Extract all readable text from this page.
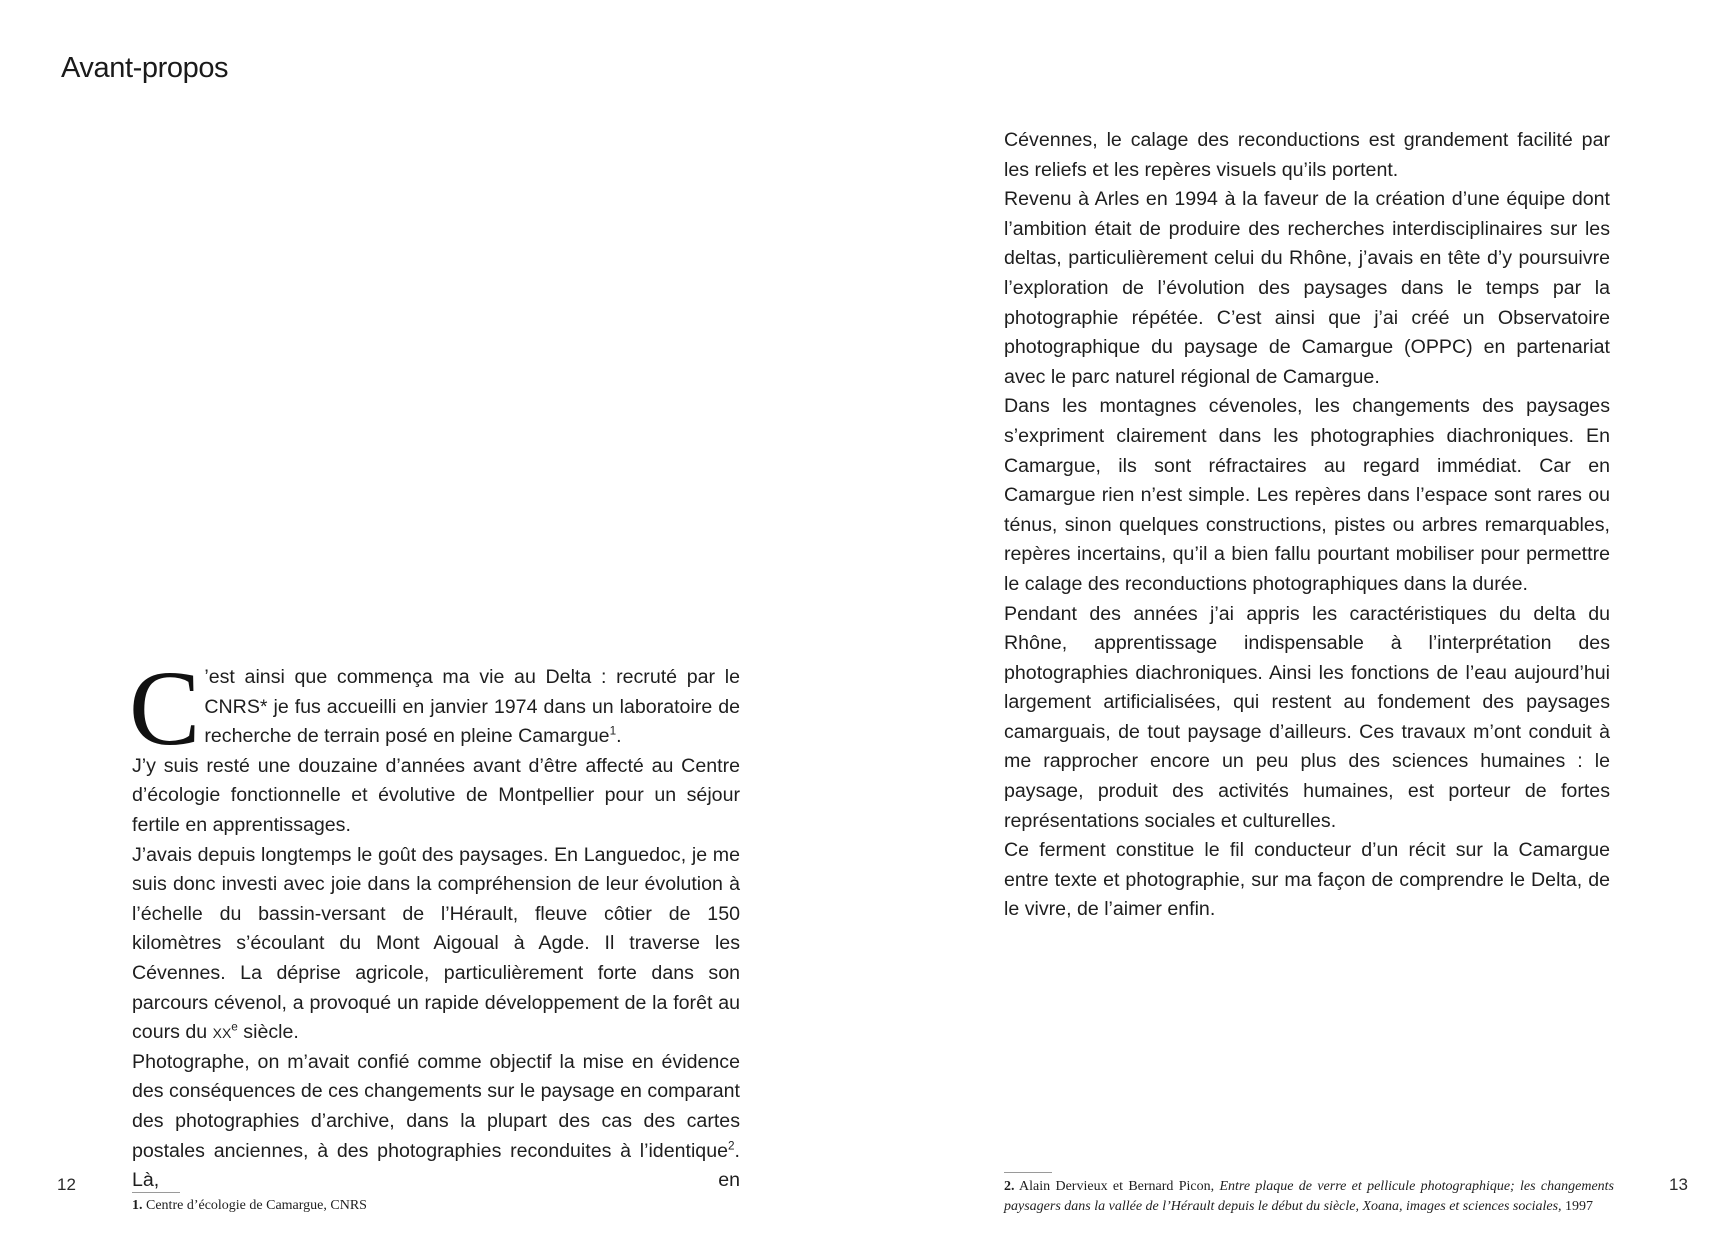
Avant-propos

C ’est ainsi que commença ma vie au Delta : recruté par le CNRS* je fus accueilli en janvier 1974 dans un laboratoire de recherche de terrain posé en pleine Camargue$^1$.

J’y suis resté une douzaine d’années avant d’être affecté au Centre d’écologie fonctionnelle et évolutive de Montpellier pour un séjour fertile en apprentissages.

J’avais depuis longtemps le goût des paysages. En Languedoc, je me suis donc investi avec joie dans la compréhension de leur évolution à l’échelle du bassin-versant de l’Hérault, fleuve côtier de 150 kilomètres s’écoulant du Mont Aigoual à Agde. Il traverse les Cévennes. La déprise agricole, particulièrement forte dans son parcours cévenol, a provoqué un rapide développement de la forêt au cours du $xx^e$ siècle.

Photographe, on m’avait confié comme objectif la mise en évidence des conséquences de ces changements sur le paysage en comparant des photographies d’archive, dans la plupart des cas des cartes postales anciennes, à des photographies reconduites à l’identique$^2$. Là, en

Cévennes, le calage des reconductions est grandement facilité par les reliefs et les repères visuels qu’ils portent.

Revenu à Arles en 1994 à la faveur de la création d’une équipe dont l’ambition était de produire des recherches interdisciplinaires sur les deltas, particulièrement celui du Rhône, j’avais en tête d’y poursuivre l’exploration de l’évolution des paysages dans le temps par la photographie répétée. C’est ainsi que j’ai créé un Observatoire photographique du paysage de Camargue (OPPC) en partenariat avec le parc naturel régional de Camargue.

Dans les montagnes cévenoles, les changements des paysages s’expriment clairement dans les photographies diachroniques. En Camargue, ils sont réfractaires au regard immédiat. Car en Camargue rien n’est simple. Les repères dans l’espace sont rares ou ténus, sinon quelques constructions, pistes ou arbres remarquables, repères incertains, qu’il a bien fallu pourtant mobiliser pour permettre le calage des reconductions photographiques dans la durée.

Pendant des années j’ai appris les caractéristiques du delta du Rhône, apprentissage indispensable à l’interprétation des photographies diachroniques. Ainsi les fonctions de l’eau aujourd’hui largement artificialisées, qui restent au fondement des paysages camarguais, de tout paysage d’ailleurs. Ces travaux m’ont conduit à me rapprocher encore un peu plus des sciences humaines : le paysage, produit des activités humaines, est porteur de fortes représentations sociales et culturelles.

Ce ferment constitue le fil conducteur d’un récit sur la Camargue entre texte et photographie, sur ma façon de comprendre le Delta, de le vivre, de l’aimer enfin.

12	13
1. Centre d’écologie de Camargue, CNRS
2. Alain Dervieux et Bernard Picon, Entre plaque de verre et pellicule photographique; les changements paysagers dans la vallée de l’Hérault depuis le début du siècle, Xoana, images et sciences sociales, 1997
